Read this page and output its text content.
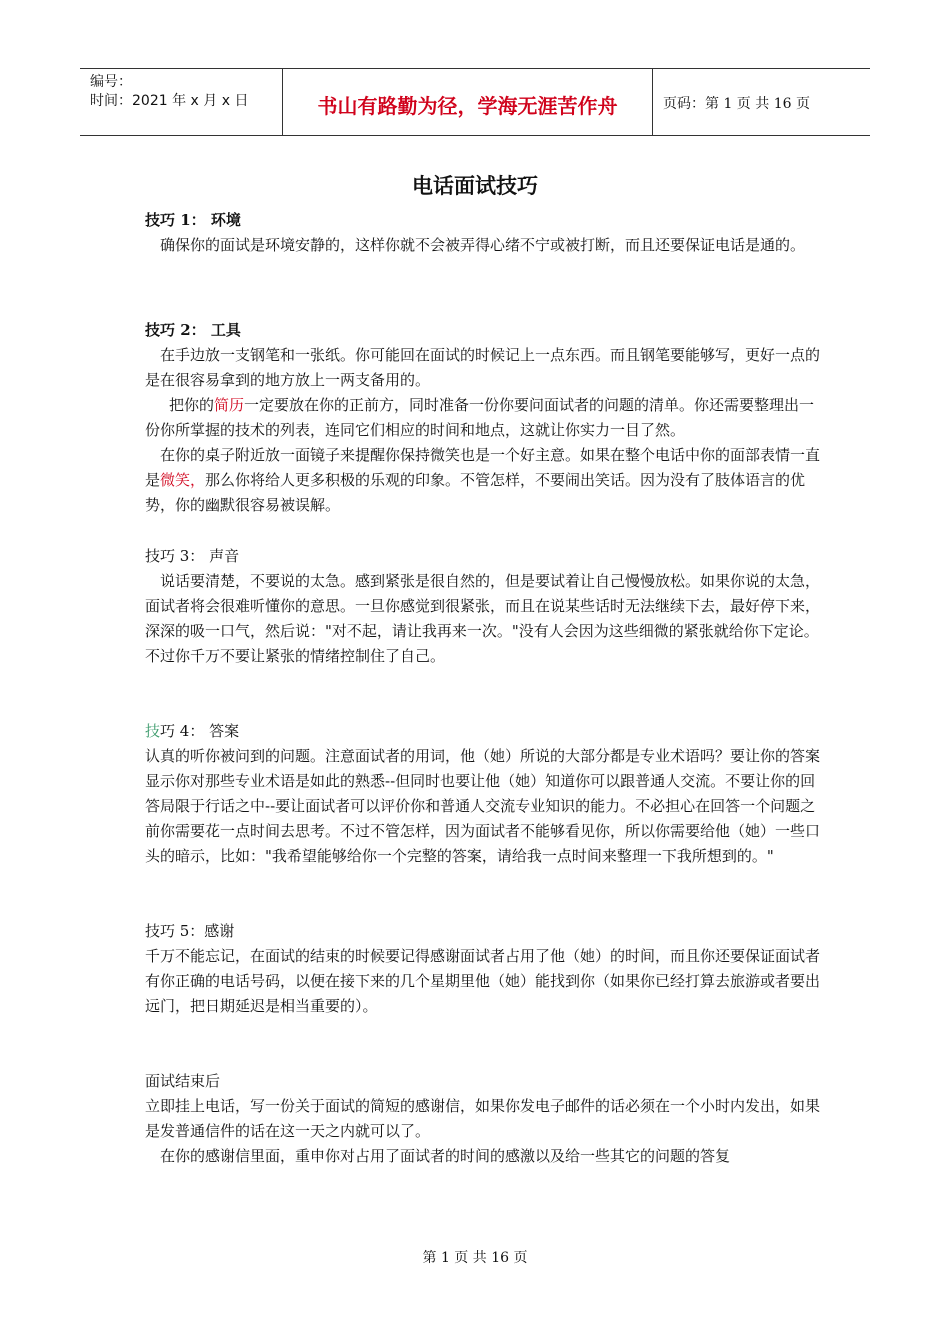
编号：
时间：2021 年 x 月 x 日	书山有路勤为径，学海无涯苦作舟	页码：第 1 页 共 16 页
电话面试技巧

技巧 1： 环境

确保你的面试是环境安静的，这样你就不会被弄得心绪不宁或被打断，而且还要保证电话是通的。

技巧 2： 工具

在手边放一支钢笔和一张纸。你可能回在面试的时候记上一点东西。而且钢笔要能够写，更好一点的是在很容易拿到的地方放上一两支备用的。

把你的简历一定要放在你的正前方，同时准备一份你要问面试者的问题的清单。你还需要整理出一份你所掌握的技术的列表，连同它们相应的时间和地点，这就让你实力一目了然。

在你的桌子附近放一面镜子来提醒你保持微笑也是一个好主意。如果在整个电话中你的面部表情一直是微笑，那么你将给人更多积极的乐观的印象。不管怎样，不要闹出笑话。因为没有了肢体语言的优势，你的幽默很容易被误解。

技巧 3： 声音

说话要清楚，不要说的太急。感到紧张是很自然的，但是要试着让自己慢慢放松。如果你说的太急，面试者将会很难听懂你的意思。一旦你感觉到很紧张，而且在说某些话时无法继续下去，最好停下来，深深的吸一口气，然后说："对不起，请让我再来一次。"没有人会因为这些细微的紧张就给你下定论。不过你千万不要让紧张的情绪控制住了自己。

技巧 4： 答案

认真的听你被问到的问题。注意面试者的用词，他（她）所说的大部分都是专业术语吗？要让你的答案显示你对那些专业术语是如此的熟悉--但同时也要让他（她）知道你可以跟普通人交流。不要让你的回答局限于行话之中--要让面试者可以评价你和普通人交流专业知识的能力。不必担心在回答一个问题之前你需要花一点时间去思考。不过不管怎样，因为面试者不能够看见你，所以你需要给他（她）一些口头的暗示，比如："我希望能够给你一个完整的答案，请给我一点时间来整理一下我所想到的。"

技巧 5：感谢

千万不能忘记，在面试的结束的时候要记得感谢面试者占用了他（她）的时间，而且你还要保证面试者有你正确的电话号码，以便在接下来的几个星期里他（她）能找到你（如果你已经打算去旅游或者要出远门，把日期延迟是相当重要的）。

面试结束后

立即挂上电话，写一份关于面试的简短的感谢信，如果你发电子邮件的话必须在一个小时内发出，如果是发普通信件的话在这一天之内就可以了。

在你的感谢信里面，重申你对占用了面试者的时间的感激以及给一些其它的问题的答复

第 1 页 共 16 页
